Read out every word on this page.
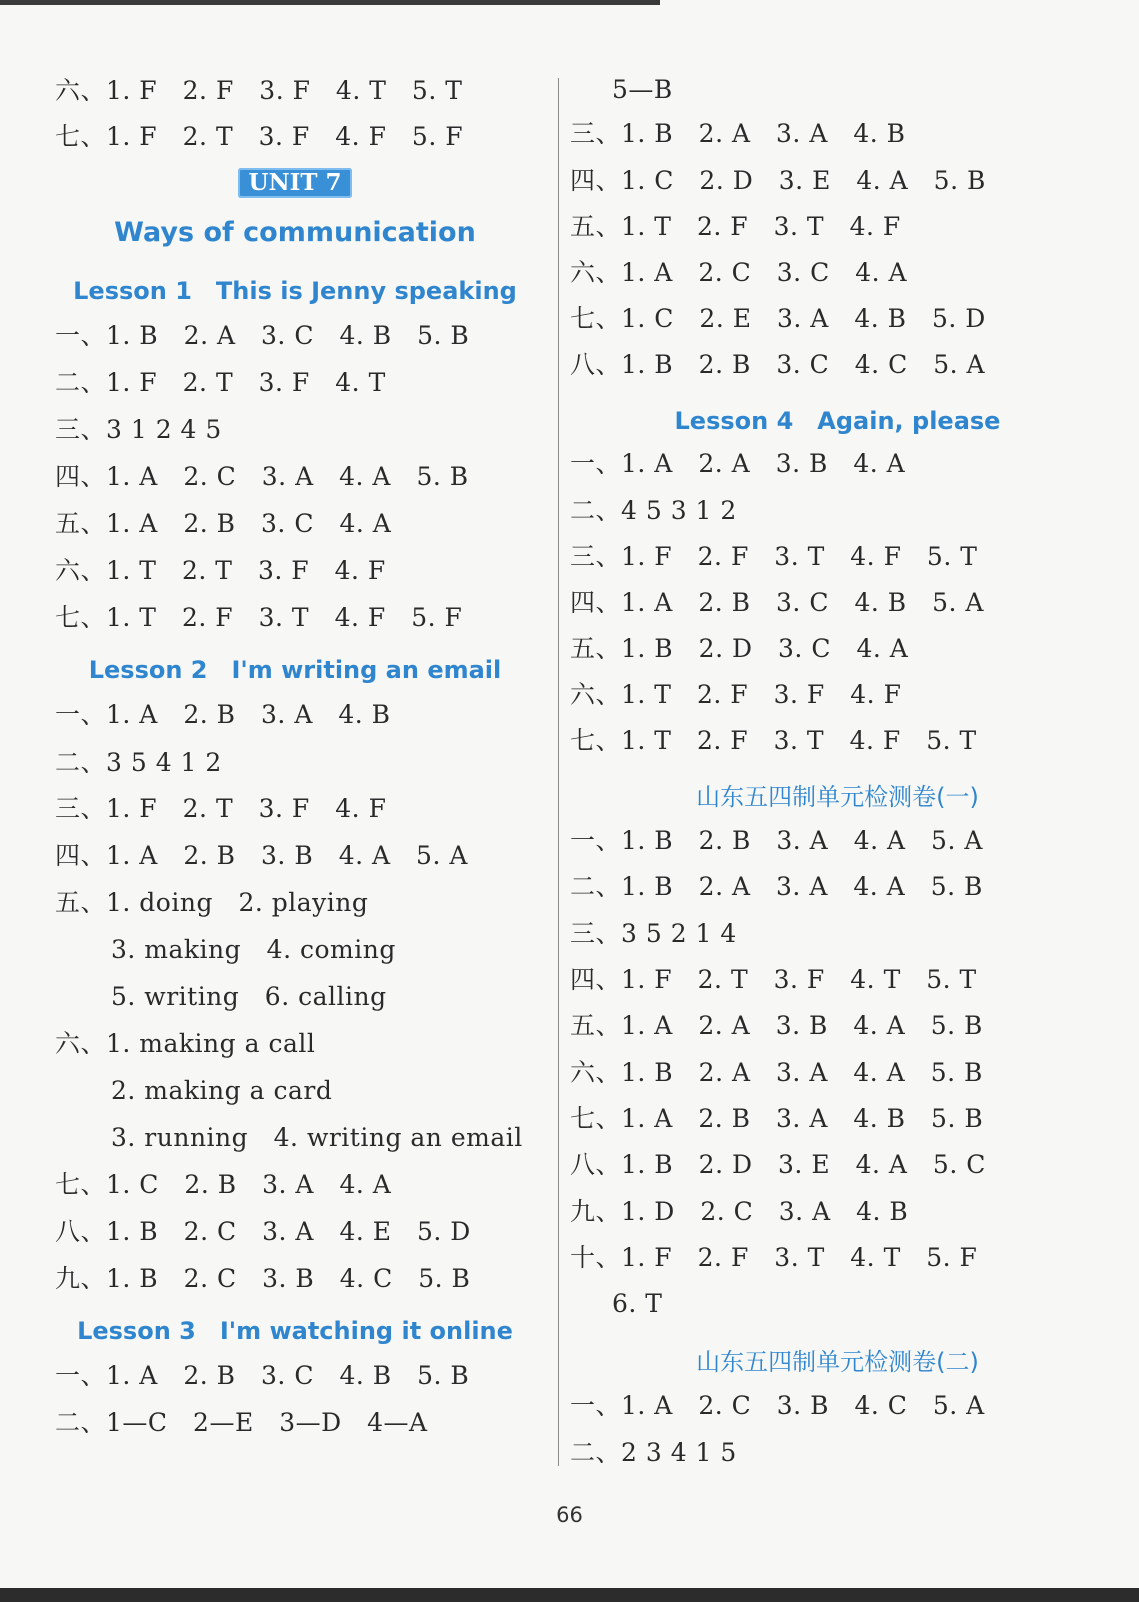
六、1. F　2. F　3. F　4. T　5. T
七、1. F　2. T　3. F　4. F　5. F
UNIT 7
Ways of communication
Lesson 1　This is Jenny speaking
一、1. B　2. A　3. C　4. B　5. B
二、1. F　2. T　3. F　4. T
三、3 1 2 4 5
四、1. A　2. C　3. A　4. A　5. B
五、1. A　2. B　3. C　4. A
六、1. T　2. T　3. F　4. F
七、1. T　2. F　3. T　4. F　5. F
Lesson 2　I'm writing an email
一、1. A　2. B　3. A　4. B
二、3 5 4 1 2
三、1. F　2. T　3. F　4. F
四、1. A　2. B　3. B　4. A　5. A
五、1. doing　2. playing
3. making　4. coming
5. writing　6. calling
六、1. making a call
2. making a card
3. running　4. writing an email
七、1. C　2. B　3. A　4. A
八、1. B　2. C　3. A　4. E　5. D
九、1. B　2. C　3. B　4. C　5. B
Lesson 3　I'm watching it online
一、1. A　2. B　3. C　4. B　5. B
二、1—C　2—E　3—D　4—A
5—B
三、1. B　2. A　3. A　4. B
四、1. C　2. D　3. E　4. A　5. B
五、1. T　2. F　3. T　4. F
六、1. A　2. C　3. C　4. A
七、1. C　2. E　3. A　4. B　5. D
八、1. B　2. B　3. C　4. C　5. A
Lesson 4　Again, please
一、1. A　2. A　3. B　4. A
二、4 5 3 1 2
三、1. F　2. F　3. T　4. F　5. T
四、1. A　2. B　3. C　4. B　5. A
五、1. B　2. D　3. C　4. A
六、1. T　2. F　3. F　4. F
七、1. T　2. F　3. T　4. F　5. T
山东五四制单元检测卷(一)
一、1. B　2. B　3. A　4. A　5. A
二、1. B　2. A　3. A　4. A　5. B
三、3 5 2 1 4
四、1. F　2. T　3. F　4. T　5. T
五、1. A　2. A　3. B　4. A　5. B
六、1. B　2. A　3. A　4. A　5. B
七、1. A　2. B　3. A　4. B　5. B
八、1. B　2. D　3. E　4. A　5. C
九、1. D　2. C　3. A　4. B
十、1. F　2. F　3. T　4. T　5. F
6. T
山东五四制单元检测卷(二)
一、1. A　2. C　3. B　4. C　5. A
二、2 3 4 1 5
66
